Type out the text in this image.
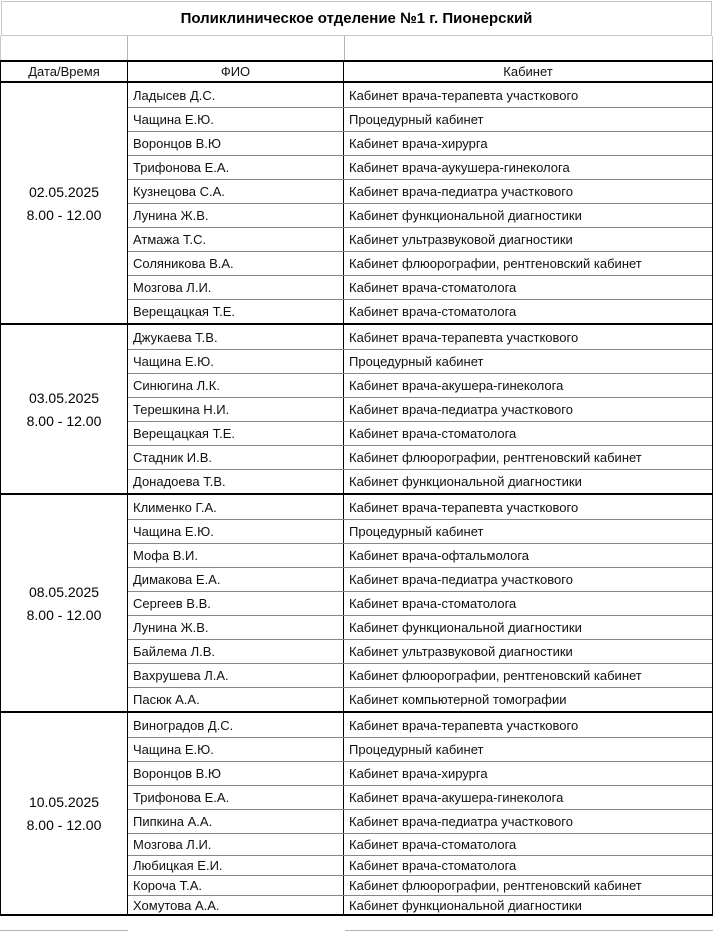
Поликлиническое отделение №1 г. Пионерский
Дата/Время	ФИО	Кабинет
02.05.2025
8.00 - 12.00
Ладысев Д.С.	Кабинет врача-терапевта участкового
Чащина Е.Ю.	Процедурный кабинет
Воронцов В.Ю	Кабинет врача-хирурга
Трифонова Е.А.	Кабинет врача-аукушера-гинеколога
Кузнецова С.А.	Кабинет врача-педиатра участкового
Лунина Ж.В.	Кабинет функциональной диагностики
Атмажа Т.С.	Кабинет ультразвуковой диагностики
Соляникова В.А.	Кабинет флюорографии, рентгеновский кабинет
Мозгова Л.И.	Кабинет врача-стоматолога
Верещацкая Т.Е.	Кабинет врача-стоматолога
03.05.2025
8.00 - 12.00
Джукаева Т.В.	Кабинет врача-терапевта участкового
Чащина Е.Ю.	Процедурный кабинет
Синюгина Л.К.	Кабинет врача-акушера-гинеколога
Терешкина Н.И.	Кабинет врача-педиатра участкового
Верещацкая Т.Е.	Кабинет врача-стоматолога
Стадник И.В.	Кабинет флюорографии, рентгеновский кабинет
Донадоева Т.В.	Кабинет функциональной диагностики
08.05.2025
8.00 - 12.00
Клименко Г.А.	Кабинет врача-терапевта участкового
Чащина Е.Ю.	Процедурный кабинет
Мофа В.И.	Кабинет врача-офтальмолога
Димакова Е.А.	Кабинет врача-педиатра участкового
Сергеев В.В.	Кабинет врача-стоматолога
Лунина Ж.В.	Кабинет функциональной диагностики
Байлема Л.В.	Кабинет ультразвуковой диагностики
Вахрушева Л.А.	Кабинет флюорографии, рентгеновский кабинет
Пасюк А.А.	Кабинет компьютерной томографии
10.05.2025
8.00 - 12.00
Виноградов Д.С.	Кабинет врача-терапевта участкового
Чащина Е.Ю.	Процедурный кабинет
Воронцов В.Ю	Кабинет врача-хирурга
Трифонова Е.А.	Кабинет врача-акушера-гинеколога
Пипкина А.А.	Кабинет врача-педиатра участкового
Мозгова Л.И.	Кабинет врача-стоматолога
Любицкая Е.И.	Кабинет врача-стоматолога
Короча Т.А.	Кабинет флюорографии, рентгеновский кабинет
Хомутова А.А.	Кабинет функциональной диагностики
